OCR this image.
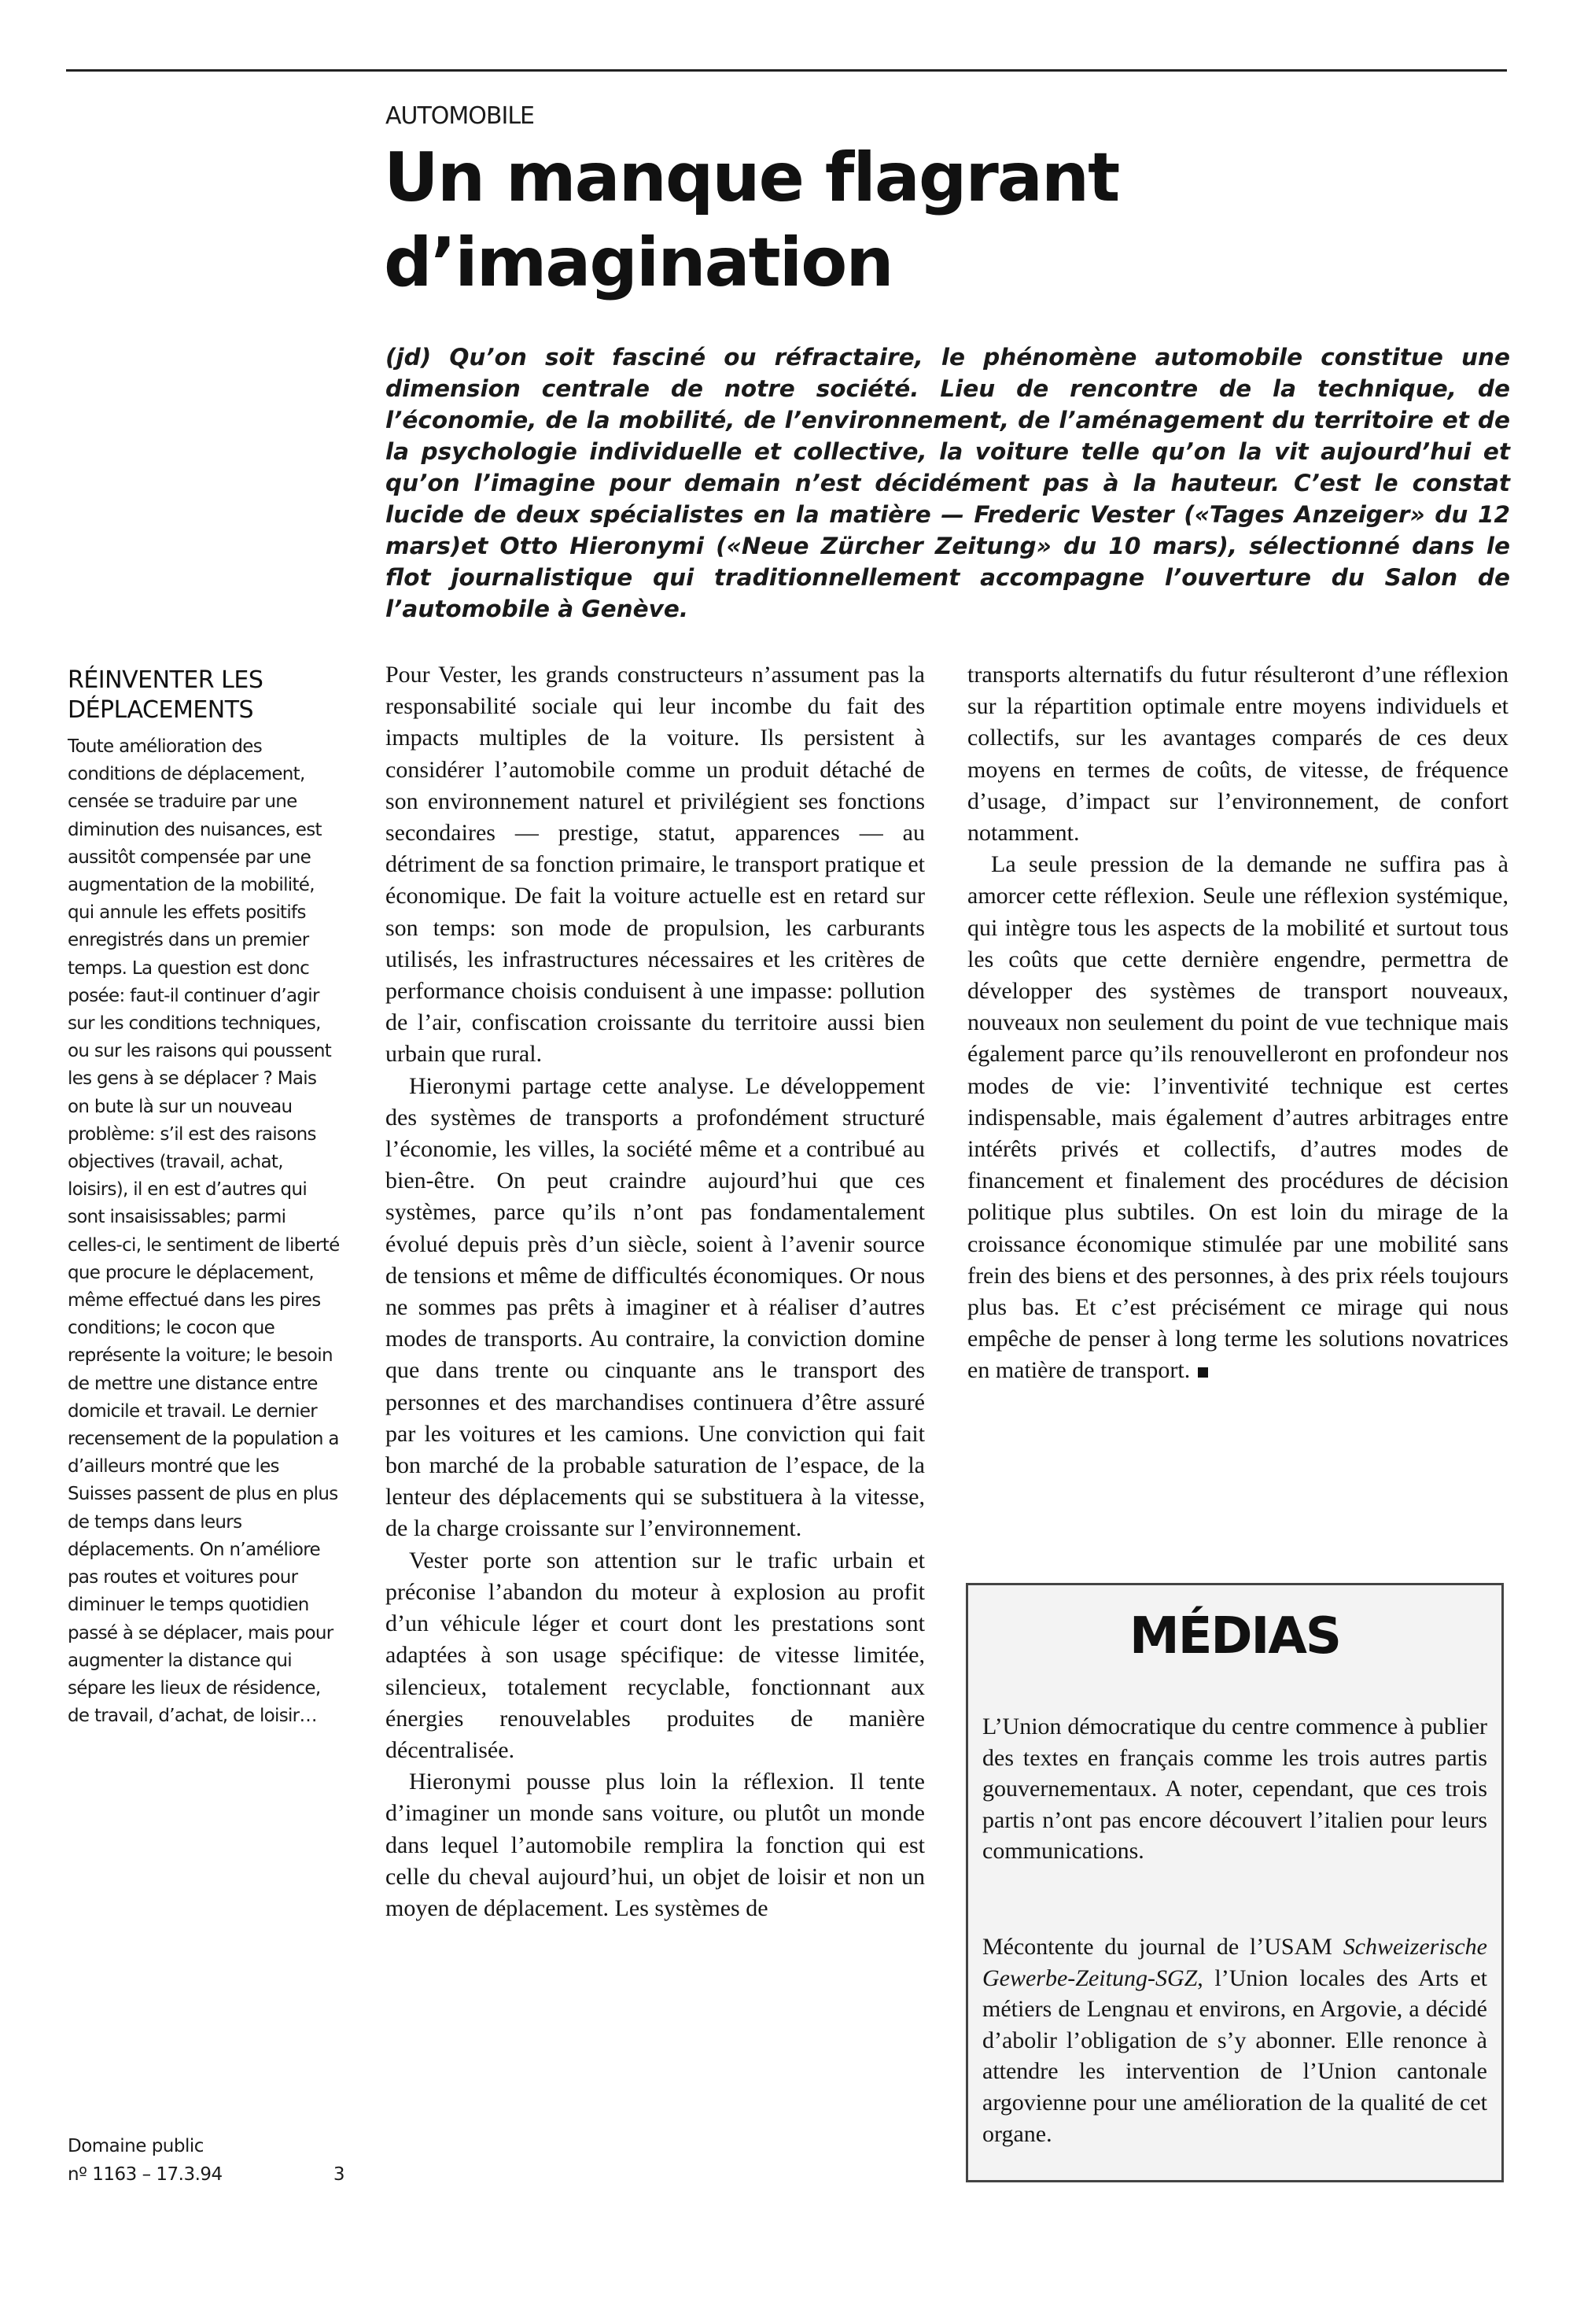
AUTOMOBILE
Un manque flagrant
d’imagination

(jd) Qu’on soit fasciné ou réfractaire, le phénomène automobile constitue une dimension centrale de notre société. Lieu de rencontre de la technique, de l’économie, de la mobilité, de l’environnement, de l’aménagement du territoire et de la psychologie individuelle et collective, la voiture telle qu’on la vit aujourd’hui et qu’on l’imagine pour demain n’est décidément pas à la hauteur. C’est le constat lucide de deux spécialistes en la matière — Frederic Vester («Tages Anzeiger» du 12 mars)et Otto Hieronymi («Neue Zürcher Zeitung» du 10 mars), sélectionné dans le flot journalistique qui traditionnellement accompagne l’ouverture du Salon de l’automobile à Genève.

RÉINVENTER LES
DÉPLACEMENTS

Toute amélioration des conditions de déplacement, censée se traduire par une diminution des nuisances, est aussitôt compensée par une augmentation de la mobilité, qui annule les effets positifs enregistrés dans un premier temps. La question est donc posée: faut-il continuer d’agir sur les conditions techniques, ou sur les raisons qui poussent les gens à se déplacer ? Mais on bute là sur un nouveau problème: s’il est des raisons objectives (travail, achat, loisirs), il en est d’autres qui sont insaisissables; parmi celles-ci, le sentiment de liberté que procure le déplacement, même effectué dans les pires conditions; le cocon que représente la voiture; le besoin de mettre une distance entre domicile et travail. Le dernier recensement de la population a d’ailleurs montré que les Suisses passent de plus en plus de temps dans leurs déplacements. On n’améliore pas routes et voitures pour diminuer le temps quotidien passé à se déplacer, mais pour augmenter la distance qui sépare les lieux de résidence, de travail, d’achat, de loisir…

Domaine public
nº 1163 – 17.3.94	3

Pour Vester, les grands constructeurs n’assument pas la responsabilité sociale qui leur incombe du fait des impacts multiples de la voiture. Ils persistent à considérer l’automobile comme un produit détaché de son environnement naturel et privilégient ses fonctions secondaires — prestige, statut, apparences — au détriment de sa fonction primaire, le transport pratique et économique. De fait la voiture actuelle est en retard sur son temps: son mode de propulsion, les carburants utilisés, les infrastructures nécessaires et les critères de performance choisis conduisent à une impasse: pollution de l’air, confiscation croissante du territoire aussi bien urbain que rural.

Hieronymi partage cette analyse. Le développement des systèmes de transports a profondément structuré l’économie, les villes, la société même et a contribué au bien-être. On peut craindre aujourd’hui que ces systèmes, parce qu’ils n’ont pas fondamentalement évolué depuis près d’un siècle, soient à l’avenir source de tensions et même de difficultés économiques. Or nous ne sommes pas prêts à imaginer et à réaliser d’autres modes de transports. Au contraire, la conviction domine que dans trente ou cinquante ans le transport des personnes et des marchandises continuera d’être assuré par les voitures et les camions. Une conviction qui fait bon marché de la probable saturation de l’espace, de la lenteur des déplacements qui se substituera à la vitesse, de la charge croissante sur l’environnement.

Vester porte son attention sur le trafic urbain et préconise l’abandon du moteur à explosion au profit d’un véhicule léger et court dont les prestations sont adaptées à son usage spécifique: de vitesse limitée, silencieux, totalement recyclable, fonctionnant aux énergies renouvelables produites de manière décentralisée.

Hieronymi pousse plus loin la réflexion. Il tente d’imaginer un monde sans voiture, ou plutôt un monde dans lequel l’automobile remplira la fonction qui est celle du cheval aujourd’hui, un objet de loisir et non un moyen de déplacement. Les systèmes de

transports alternatifs du futur résulteront d’une réflexion sur la répartition optimale entre moyens individuels et collectifs, sur les avantages comparés de ces deux moyens en termes de coûts, de vitesse, de fréquence d’usage, d’impact sur l’environnement, de confort notamment.

La seule pression de la demande ne suffira pas à amorcer cette réflexion. Seule une réflexion systémique, qui intègre tous les aspects de la mobilité et surtout tous les coûts que cette dernière engendre, permettra de développer des systèmes de transport nouveaux, nouveaux non seulement du point de vue technique mais également parce qu’ils renouvelleront en profondeur nos modes de vie: l’inventivité technique est certes indispensable, mais également d’autres arbitrages entre intérêts privés et collectifs, d’autres modes de financement et finalement des procédures de décision politique plus subtiles. On est loin du mirage de la croissance économique stimulée par une mobilité sans frein des biens et des personnes, à des prix réels toujours plus bas. Et c’est précisément ce mirage qui nous empêche de penser à long terme les solutions novatrices en matière de transport.

MÉDIAS

L’Union démocratique du centre commence à publier des textes en français comme les trois autres partis gouvernementaux. A noter, cependant, que ces trois partis n’ont pas encore découvert l’italien pour leurs communications.

Mécontente du journal de l’USAM Schweizerische Gewerbe-Zeitung-SGZ, l’Union locales des Arts et métiers de Lengnau et environs, en Argovie, a décidé d’abolir l’obligation de s’y abonner. Elle renonce à attendre les intervention de l’Union cantonale argovienne pour une amélioration de la qualité de cet organe.
